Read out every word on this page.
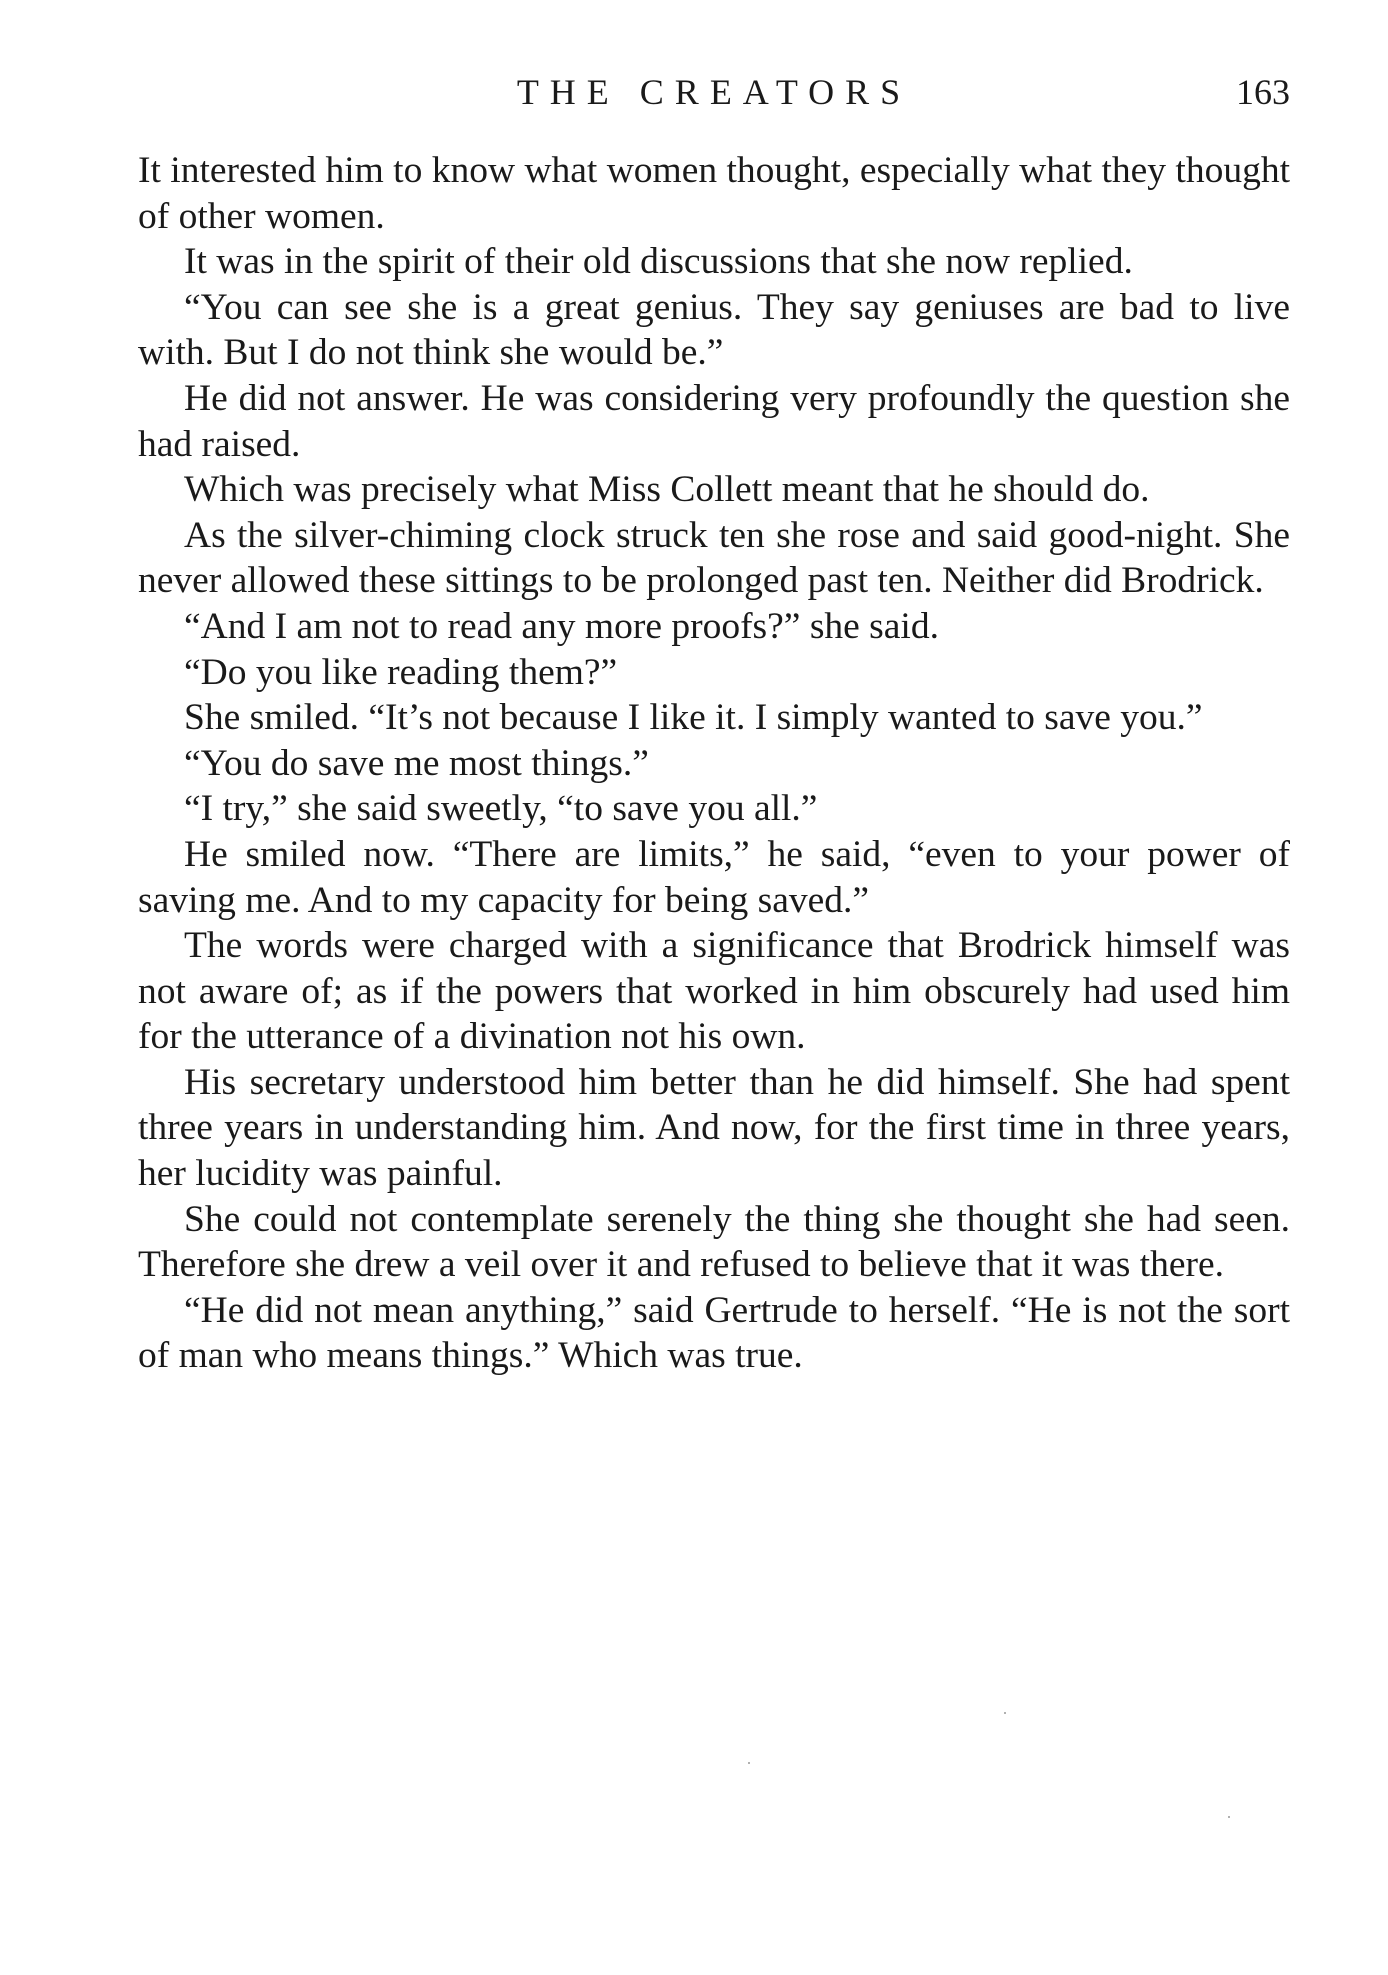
THE CREATORS	163

It interested him to know what women thought, especially what they thought of other women.

It was in the spirit of their old discussions that she now replied.

“You can see she is a great genius. They say geniuses are bad to live with. But I do not think she would be.”

He did not answer. He was considering very profoundly the question she had raised.

Which was precisely what Miss Collett meant that he should do.

As the silver-chiming clock struck ten she rose and said good-night. She never allowed these sittings to be prolonged past ten. Neither did Brodrick.

“And I am not to read any more proofs?” she said.

“Do you like reading them?”

She smiled. “It’s not because I like it. I simply wanted to save you.”

“You do save me most things.”

“I try,” she said sweetly, “to save you all.”

He smiled now. “There are limits,” he said, “even to your power of saving me. And to my capacity for being saved.”

The words were charged with a significance that Brodrick himself was not aware of; as if the powers that worked in him obscurely had used him for the utterance of a divination not his own.

His secretary understood him better than he did himself. She had spent three years in understanding him. And now, for the first time in three years, her lucidity was painful.

She could not contemplate serenely the thing she thought she had seen. Therefore she drew a veil over it and refused to believe that it was there.

“He did not mean anything,” said Gertrude to herself. “He is not the sort of man who means things.” Which was true.
